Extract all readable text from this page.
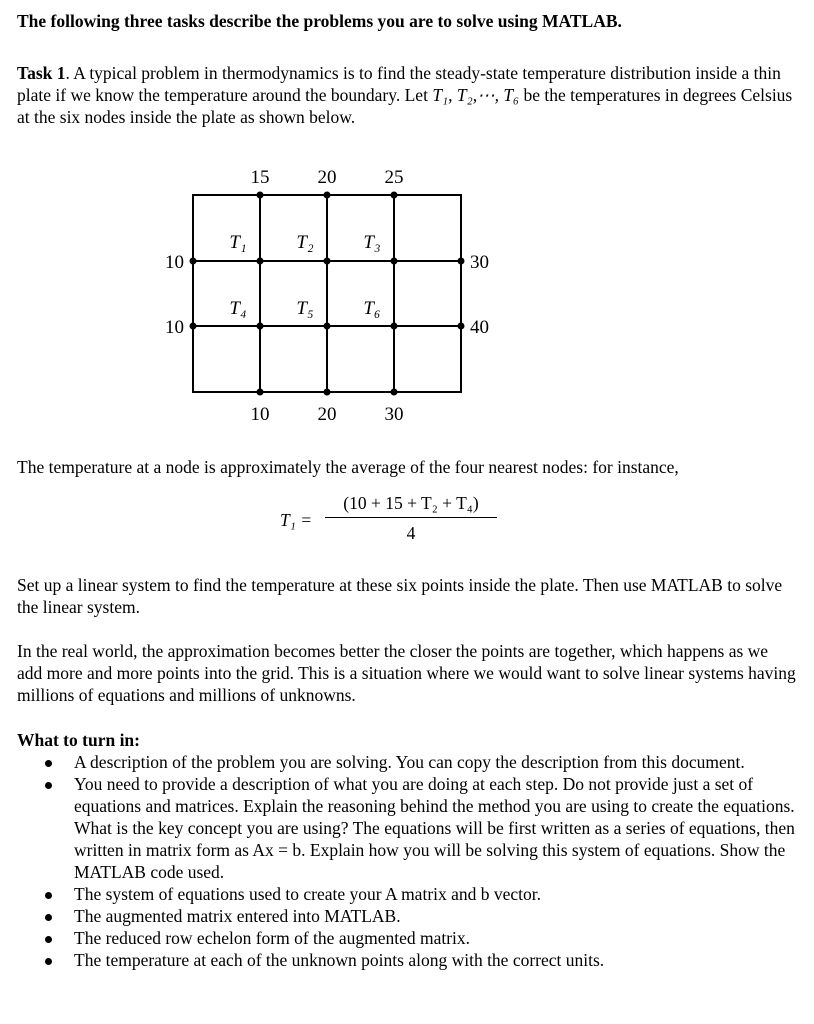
The following three tasks describe the problems you are to solve using MATLAB.

Task 1. A typical problem in thermodynamics is to find the steady-state temperature distribution inside a thin plate if we know the temperature around the boundary. Let T₁, T₂,⋯, T₆ be the temperatures in degrees Celsius at the six nodes inside the plate as shown below.

15	20	25
10	20	30
10
10
30
40
T₁	T₂	T₃
T₄	T₅	T₆

The temperature at a node is approximately the average of the four nearest nodes: for instance,

T₁ =
(10 + 15 + T₂ + T₄)
4

Set up a linear system to find the temperature at these six points inside the plate. Then use MATLAB to solve the linear system.

In the real world, the approximation becomes better the closer the points are together, which happens as we add more and more points into the grid. This is a situation where we would want to solve linear systems having millions of equations and millions of unknowns.

What to turn in:

A description of the problem you are solving. You can copy the description from this document.
You need to provide a description of what you are doing at each step. Do not provide just a set of equations and matrices. Explain the reasoning behind the method you are using to create the equations. What is the key concept you are using? The equations will be first written as a series of equations, then written in matrix form as Ax = b. Explain how you will be solving this system of equations. Show the MATLAB code used.
The system of equations used to create your A matrix and b vector.
The augmented matrix entered into MATLAB.
The reduced row echelon form of the augmented matrix.
The temperature at each of the unknown points along with the correct units.
